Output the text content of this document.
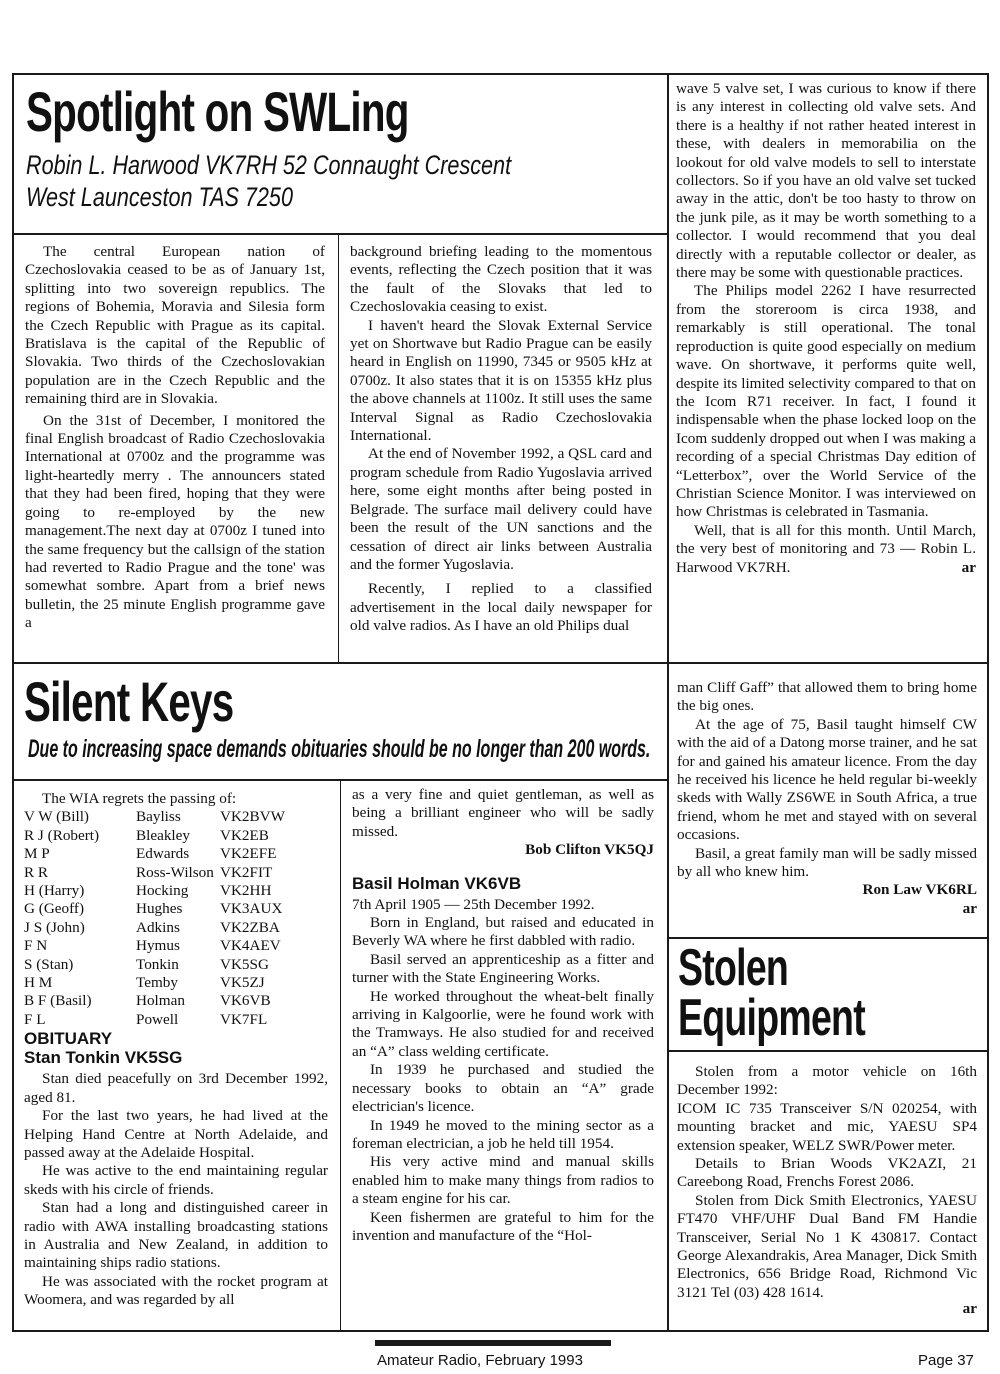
Spotlight on SWLing
Robin L. Harwood VK7RH 52 Connaught Crescent
West Launceston TAS 7250

The central European nation of Czechoslovakia ceased to be as of January 1st, splitting into two sovereign republics. The regions of Bohemia, Moravia and Silesia form the Czech Republic with Prague as its capital. Bratislava is the capital of the Republic of Slovakia. Two thirds of the Czechoslovakian population are in the Czech Republic and the remaining third are in Slovakia.

On the 31st of December, I monitored the final English broadcast of Radio Czechoslovakia International at 0700z and the programme was light-heartedly merry . The announcers stated that they had been fired, hoping that they were going to re-employed by the new management.The next day at 0700z I tuned into the same frequency but the callsign of the station had reverted to Radio Prague and the tone' was somewhat sombre. Apart from a brief news bulletin, the 25 minute English programme gave a

background briefing leading to the momentous events, reflecting the Czech position that it was the fault of the Slovaks that led to Czechoslovakia ceasing to exist.

I haven't heard the Slovak External Service yet on Shortwave but Radio Prague can be easily heard in English on 11990, 7345 or 9505 kHz at 0700z. It also states that it is on 15355 kHz plus the above channels at 1100z. It still uses the same Interval Signal as Radio Czechoslovakia International.

At the end of November 1992, a QSL card and program schedule from Radio Yugoslavia arrived here, some eight months after being posted in Belgrade. The surface mail delivery could have been the result of the UN sanctions and the cessation of direct air links between Australia and the former Yugoslavia.

Recently, I replied to a classified advertisement in the local daily newspaper for old valve radios. As I have an old Philips dual

wave 5 valve set, I was curious to know if there is any interest in collecting old valve sets. And there is a healthy if not rather heated interest in these, with dealers in memorabilia on the lookout for old valve models to sell to interstate collectors. So if you have an old valve set tucked away in the attic, don't be too hasty to throw on the junk pile, as it may be worth something to a collector. I would recommend that you deal directly with a reputable collector or dealer, as there may be some with questionable practices.

The Philips model 2262 I have resurrected from the storeroom is circa 1938, and remarkably is still operational. The tonal reproduction is quite good especially on medium wave. On shortwave, it performs quite well, despite its limited selectivity compared to that on the Icom R71 receiver. In fact, I found it indispensable when the phase locked loop on the Icom suddenly dropped out when I was making a recording of a special Christmas Day edition of “Letterbox”, over the World Service of the Christian Science Monitor. I was interviewed on how Christmas is celebrated in Tasmania.

Well, that is all for this month. Until March, the very best of monitoring and 73 — Robin L. Harwood VK7RH.	ar

Silent Keys
Due to increasing space demands obituaries should be no longer than 200 words.

The WIA regrets the passing of:

V W (Bill)	Bayliss	VK2BVW
R J (Robert)	Bleakley	VK2EB
M P	Edwards	VK2EFE
R R	Ross-Wilson	VK2FIT
H (Harry)	Hocking	VK2HH
G (Geoff)	Hughes	VK3AUX
J S (John)	Adkins	VK2ZBA
F N	Hymus	VK4AEV
S (Stan)	Tonkin	VK5SG
H M	Temby	VK5ZJ
B F (Basil)	Holman	VK6VB
F L	Powell	VK7FL
OBITUARY
Stan Tonkin VK5SG

Stan died peacefully on 3rd December 1992, aged 81.

For the last two years, he had lived at the Helping Hand Centre at North Adelaide, and passed away at the Adelaide Hospital.

He was active to the end maintaining regular skeds with his circle of friends.

Stan had a long and distinguished career in radio with AWA installing broadcasting stations in Australia and New Zealand, in addition to maintaining ships radio stations.

He was associated with the rocket program at Woomera, and was regarded by all

as a very fine and quiet gentleman, as well as being a brilliant engineer who will be sadly missed.

Bob Clifton VK5QJ

Basil Holman VK6VB

7th April 1905 — 25th December 1992.

Born in England, but raised and educated in Beverly WA where he first dabbled with radio.

Basil served an apprenticeship as a fitter and turner with the State Engineering Works.

He worked throughout the wheat-belt finally arriving in Kalgoorlie, were he found work with the Tramways. He also studied for and received an “A” class welding certificate.

In 1939 he purchased and studied the necessary books to obtain an “A” grade electrician's licence.

In 1949 he moved to the mining sector as a foreman electrician, a job he held till 1954.

His very active mind and manual skills enabled him to make many things from radios to a steam engine for his car.

Keen fishermen are grateful to him for the invention and manufacture of the “Hol-

man Cliff Gaff” that allowed them to bring home the big ones.

At the age of 75, Basil taught himself CW with the aid of a Datong morse trainer, and he sat for and gained his amateur licence. From the day he received his licence he held regular bi-weekly skeds with Wally ZS6WE in South Africa, a true friend, whom he met and stayed with on several occasions.

Basil, a great family man will be sadly missed by all who knew him.

Ron Law VK6RL

ar

Stolen
Equipment

Stolen from a motor vehicle on 16th December 1992:

ICOM IC 735 Transceiver S/N 020254, with mounting bracket and mic, YAESU SP4 extension speaker, WELZ SWR/Power meter.

Details to Brian Woods VK2AZI, 21 Careebong Road, Frenchs Forest 2086.

Stolen from Dick Smith Electronics, YAESU FT470 VHF/UHF Dual Band FM Handie Transceiver, Serial No 1 K 430817. Contact George Alexandrakis, Area Manager, Dick Smith Electronics, 656 Bridge Road, Richmond Vic 3121 Tel (03) 428 1614.

ar

Amateur Radio, February 1993	Page 37
